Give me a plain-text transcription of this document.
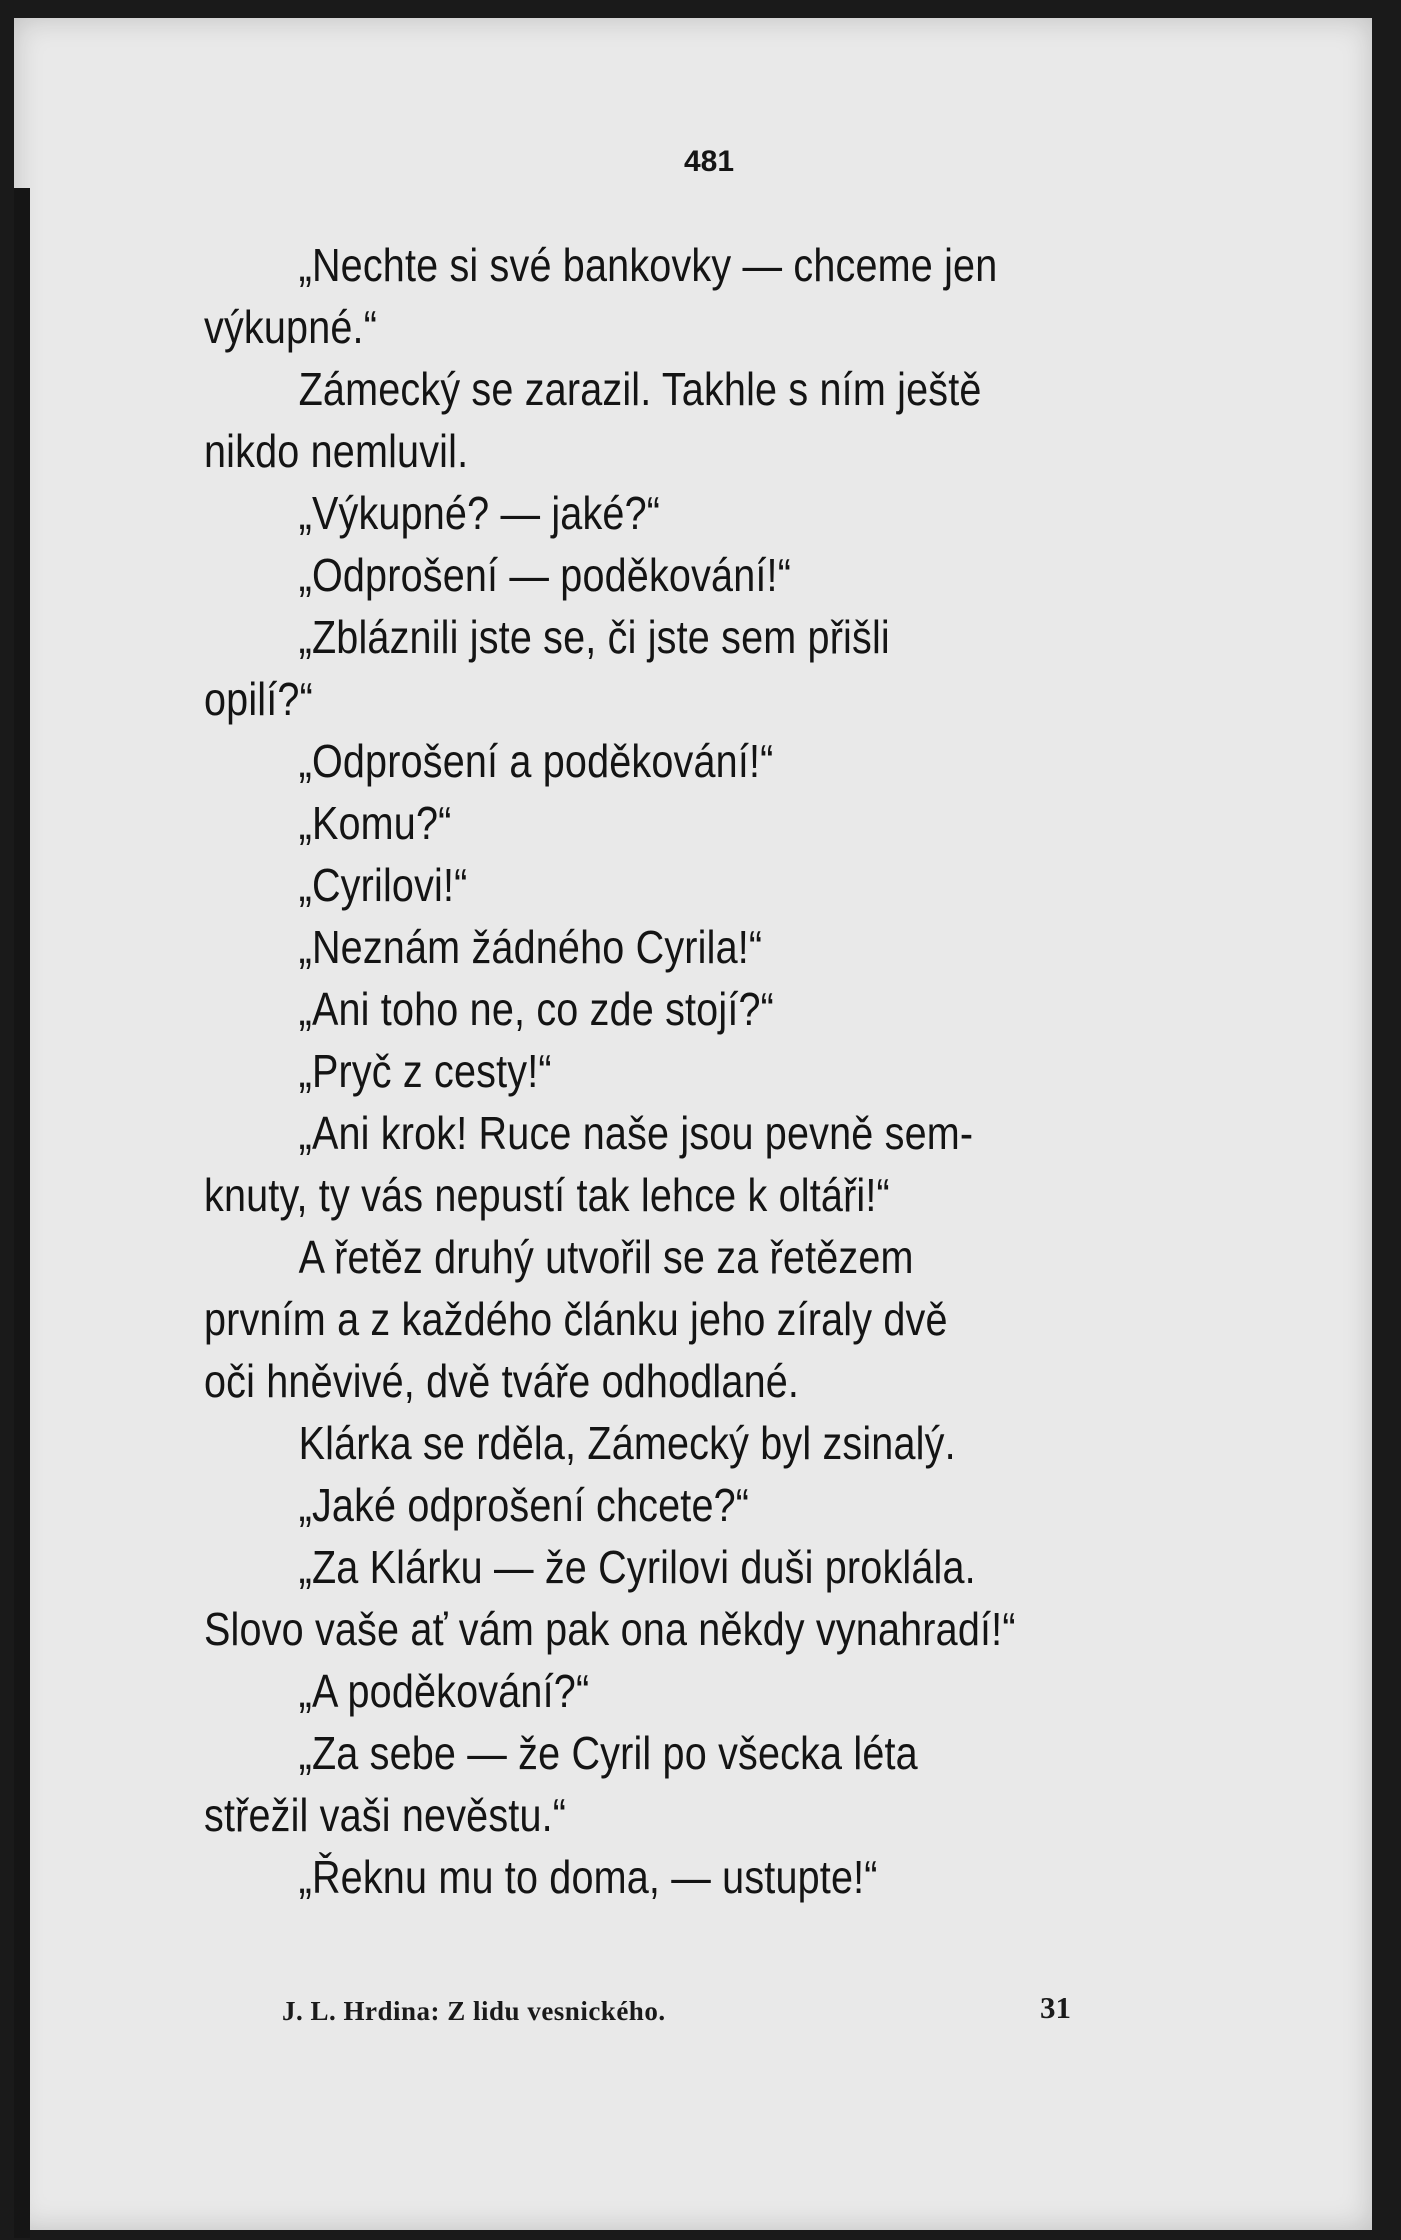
481
„Nechte si své bankovky — chceme jen
výkupné.“
Zámecký se zarazil. Takhle s ním ještě
nikdo nemluvil.
„Výkupné? — jaké?“
„Odprošení — poděkování!“
„Zbláznili jste se, či jste sem přišli
opilí?“
„Odprošení a poděkování!“
„Komu?“
„Cyrilovi!“
„Neznám žádného Cyrila!“
„Ani toho ne, co zde stojí?“
„Pryč z cesty!“
„Ani krok! Ruce naše jsou pevně sem-
knuty, ty vás nepustí tak lehce k oltáři!“
A řetěz druhý utvořil se za řetězem
prvním a z každého článku jeho zíraly dvě
oči hněvivé, dvě tváře odhodlané.
Klárka se rděla, Zámecký byl zsinalý.
„Jaké odprošení chcete?“
„Za Klárku — že Cyrilovi duši proklála.
Slovo vaše ať vám pak ona někdy vynahradí!“
„A poděkování?“
„Za sebe — že Cyril po všecka léta
střežil vaši nevěstu.“
„Řeknu mu to doma, — ustupte!“
J. L. Hrdina: Z lidu vesnického.	31
